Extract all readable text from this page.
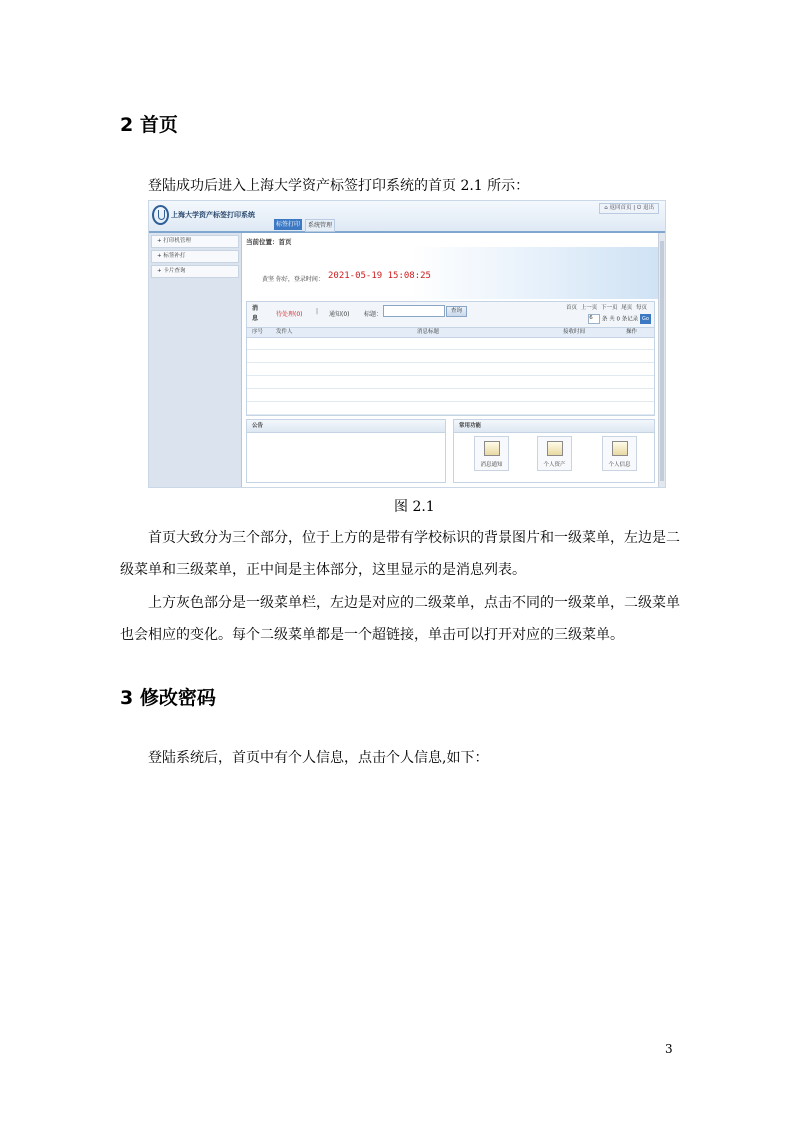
2 首页
登陆成功后进入上海大学资产标签打印系统的首页 2.1 所示：
上海大学资产标签打印系统
标签打印	系统管理
⌂ 返回首页 | ⏻ 退出
+ 打印机管理
+ 标签补打
+ 卡片查询
当前位置：首页
黄坚 你好，登录时间： 2021-05-19 15:08:25
消
息
待处理(0) | 通知(0) 标题：	查询	首页 上一页 下一页 尾页 每页
6 条 共 0 条记录 Go
序号 发件人	消息标题	接收时间	操作
公告	常用功能
消息通知	个人资产	个人信息
图 2.1
首页大致分为三个部分，位于上方的是带有学校标识的背景图片和一级菜单，左边是二
级菜单和三级菜单，正中间是主体部分，这里显示的是消息列表。
上方灰色部分是一级菜单栏，左边是对应的二级菜单，点击不同的一级菜单，二级菜单
也会相应的变化。每个二级菜单都是一个超链接，单击可以打开对应的三级菜单。
3 修改密码
登陆系统后，首页中有个人信息，点击个人信息,如下：
3
